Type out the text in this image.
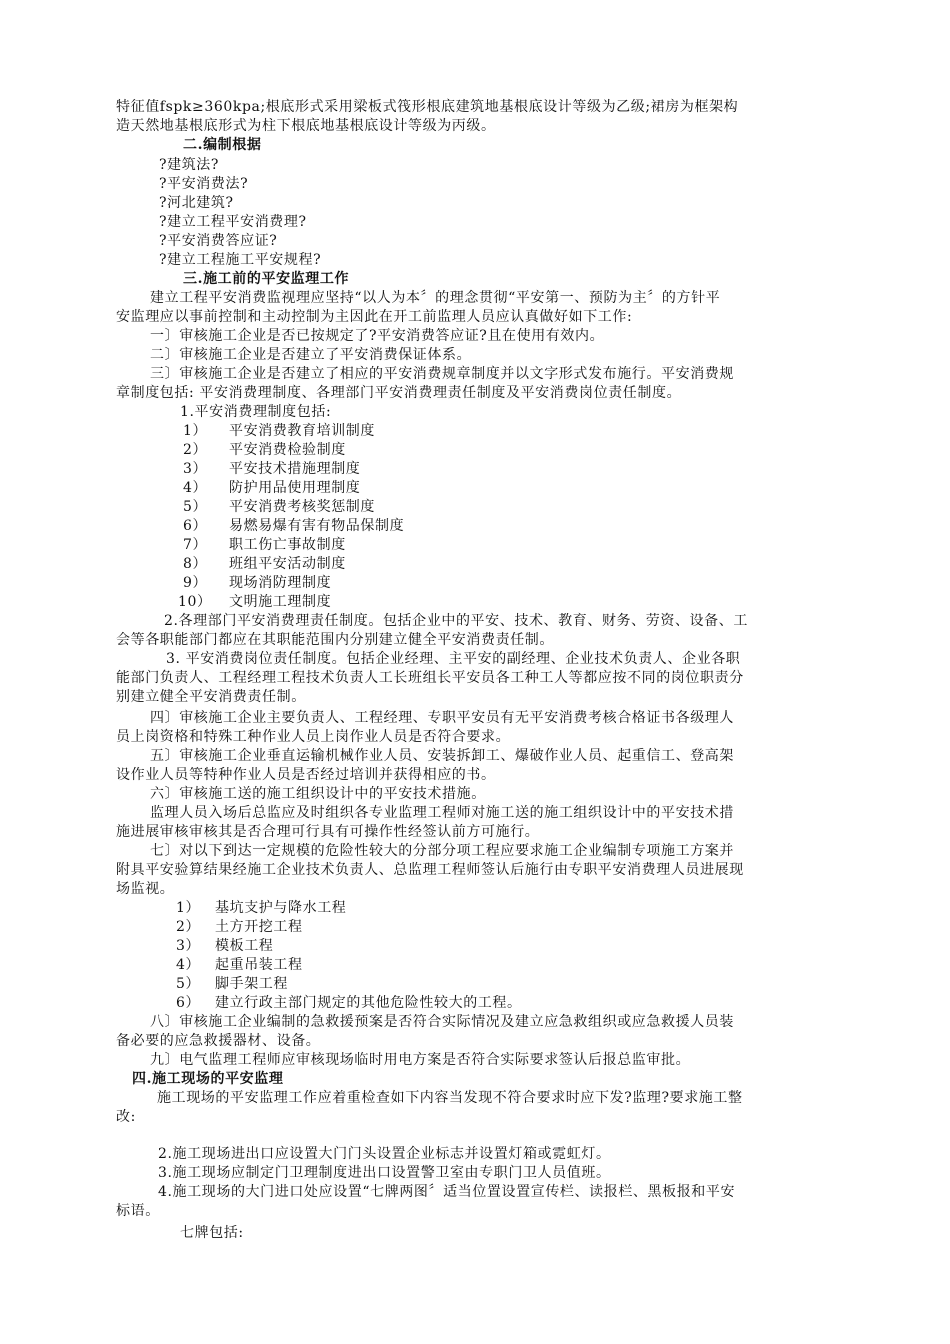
特征值fspk≥360kpa;根底形式采用梁板式筏形根底建筑地基根底设计等级为乙级;裙房为框架构
造天然地基根底形式为柱下根底地基根底设计等级为丙级。
二.编制根据
?建筑法?
?平安消费法?
?河北建筑?
?建立工程平安消费理?
?平安消费答应证?
?建立工程施工平安规程?
三.施工前的平安监理工作
建立工程平安消费监视理应坚持“以人为本〞的理念贯彻“平安第一、预防为主〞的方针平
安监理应以事前控制和主动控制为主因此在开工前监理人员应认真做好如下工作:
一〕审核施工企业是否已按规定了?平安消费答应证?且在使用有效内。
二〕审核施工企业是否建立了平安消费保证体系。
三〕审核施工企业是否建立了相应的平安消费规章制度并以文字形式发布施行。平安消费规
章制度包括: 平安消费理制度、各理部门平安消费理责任制度及平安消费岗位责任制度。
1.平安消费理制度包括:
1） 平安消费教育培训制度
2） 平安消费检验制度
3） 平安技术措施理制度
4） 防护用品使用理制度
5） 平安消费考核奖惩制度
6） 易燃易爆有害有物品保制度
7） 职工伤亡事故制度
8） 班组平安活动制度
9） 现场消防理制度
10） 文明施工理制度
2.各理部门平安消费理责任制度。包括企业中的平安、技术、教育、财务、劳资、设备、工
会等各职能部门都应在其职能范围内分别建立健全平安消费责任制。
3. 平安消费岗位责任制度。包括企业经理、主平安的副经理、企业技术负责人、企业各职
能部门负责人、工程经理工程技术负责人工长班组长平安员各工种工人等都应按不同的岗位职责分
别建立健全平安消费责任制。
四〕审核施工企业主要负责人、工程经理、专职平安员有无平安消费考核合格证书各级理人
员上岗资格和特殊工种作业人员上岗作业人员是否符合要求。
五〕审核施工企业垂直运输机械作业人员、安装拆卸工、爆破作业人员、起重信工、登高架
设作业人员等特种作业人员是否经过培训并获得相应的书。
六〕审核施工送的施工组织设计中的平安技术措施。
监理人员入场后总监应及时组织各专业监理工程师对施工送的施工组织设计中的平安技术措
施进展审核审核其是否合理可行具有可操作性经签认前方可施行。
七〕对以下到达一定规模的危险性较大的分部分项工程应要求施工企业编制专项施工方案并
附具平安验算结果经施工企业技术负责人、总监理工程师签认后施行由专职平安消费理人员进展现
场监视。
1） 基坑支护与降水工程
2） 土方开挖工程
3） 模板工程
4） 起重吊装工程
5） 脚手架工程
6） 建立行政主部门规定的其他危险性较大的工程。
八〕审核施工企业编制的急救援预案是否符合实际情况及建立应急救组织或应急救援人员装
备必要的应急救援器材、设备。
九〕电气监理工程师应审核现场临时用电方案是否符合实际要求签认后报总监审批。
四.施工现场的平安监理
施工现场的平安监理工作应着重检查如下内容当发现不符合要求时应下发?监理?要求施工整
改:
2.施工现场进出口应设置大门门头设置企业标志并设置灯箱或霓虹灯。
3.施工现场应制定门卫理制度进出口设置警卫室由专职门卫人员值班。
4.施工现场的大门进口处应设置“七牌两图〞适当位置设置宣传栏、读报栏、黑板报和平安
标语。
七牌包括:
